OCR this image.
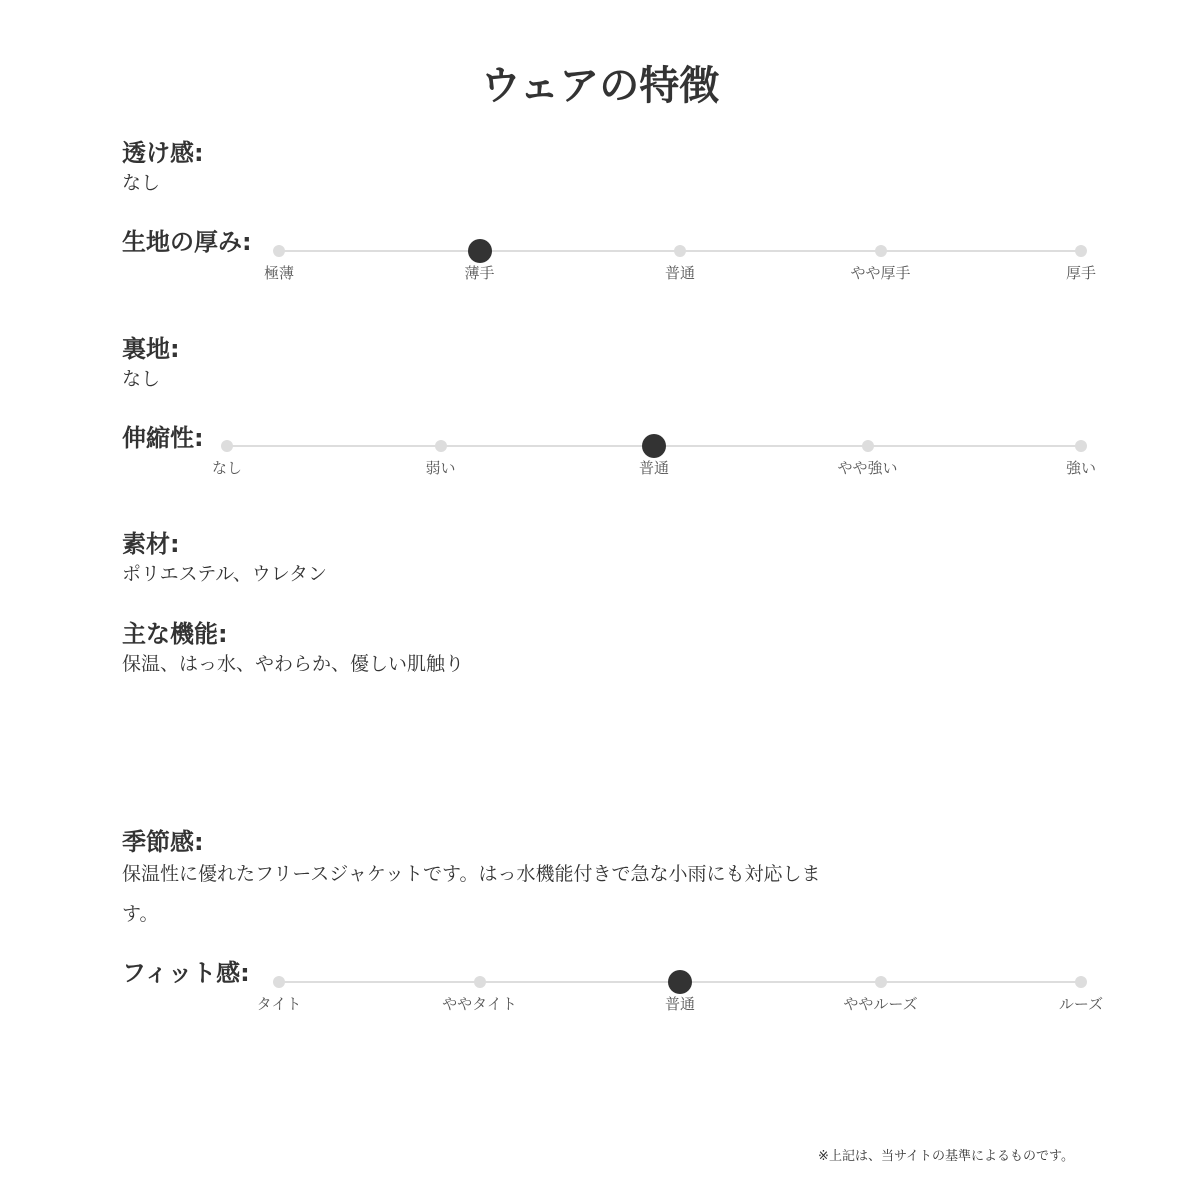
ウェアの特徴
透け感:
なし
生地の厚み:
極薄	薄手	普通	やや厚手	厚手
裏地:
なし
伸縮性:
なし	弱い	普通	やや強い	強い
素材:
ポリエステル、ウレタン
主な機能:
保温、はっ水、やわらか、優しい肌触り
季節感:
保温性に優れたフリースジャケットです。はっ水機能付きで急な小雨にも対応しま
す。
フィット感:
タイト	ややタイト	普通	ややルーズ	ルーズ
※上記は、当サイトの基準によるものです。
